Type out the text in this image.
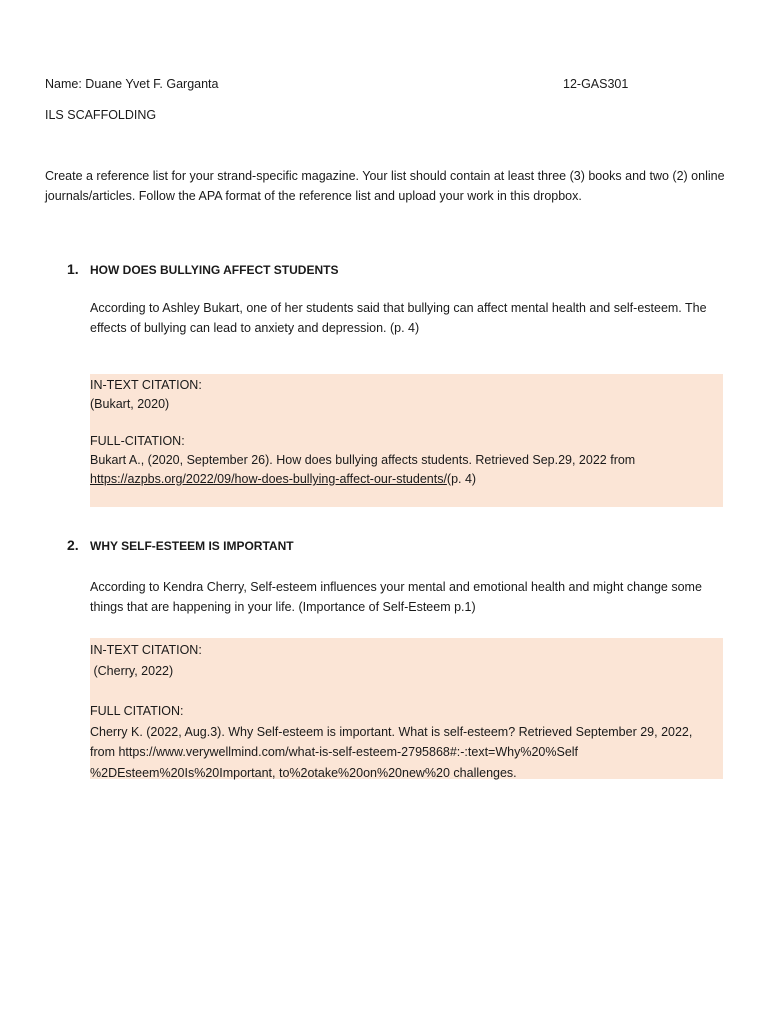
Name: Duane Yvet F. Garganta	12-GAS301

ILS SCAFFOLDING

Create a reference list for your strand-specific magazine. Your list should contain at least three (3) books and two (2) online journals/articles. Follow the APA format of the reference list and upload your work in this dropbox.

1. HOW DOES BULLYING AFFECT STUDENTS

According to Ashley Bukart, one of her students said that bullying can affect mental health and self-esteem. The effects of bullying can lead to anxiety and depression. (p. 4)

IN-TEXT CITATION:

(Bukart, 2020)

FULL-CITATION:

Bukart A., (2020, September 26). How does bullying affects students. Retrieved Sep.29, 2022 from
https://azpbs.org/2022/09/how-does-bullying-affect-our-students/(p. 4)

2. WHY SELF-ESTEEM IS IMPORTANT

According to Kendra Cherry, Self-esteem influences your mental and emotional health and might change some things that are happening in your life. (Importance of Self-Esteem p.1)

IN-TEXT CITATION:

(Cherry, 2022)

FULL CITATION:

Cherry K. (2022, Aug.3). Why Self-esteem is important. What is self-esteem? Retrieved September 29, 2022, from https://www.verywellmind.com/what-is-self-esteem-2795868#:-:text=Why%20%Self %2DEsteem%20Is%20Important, to%2otake%20on%20new%20 challenges.
